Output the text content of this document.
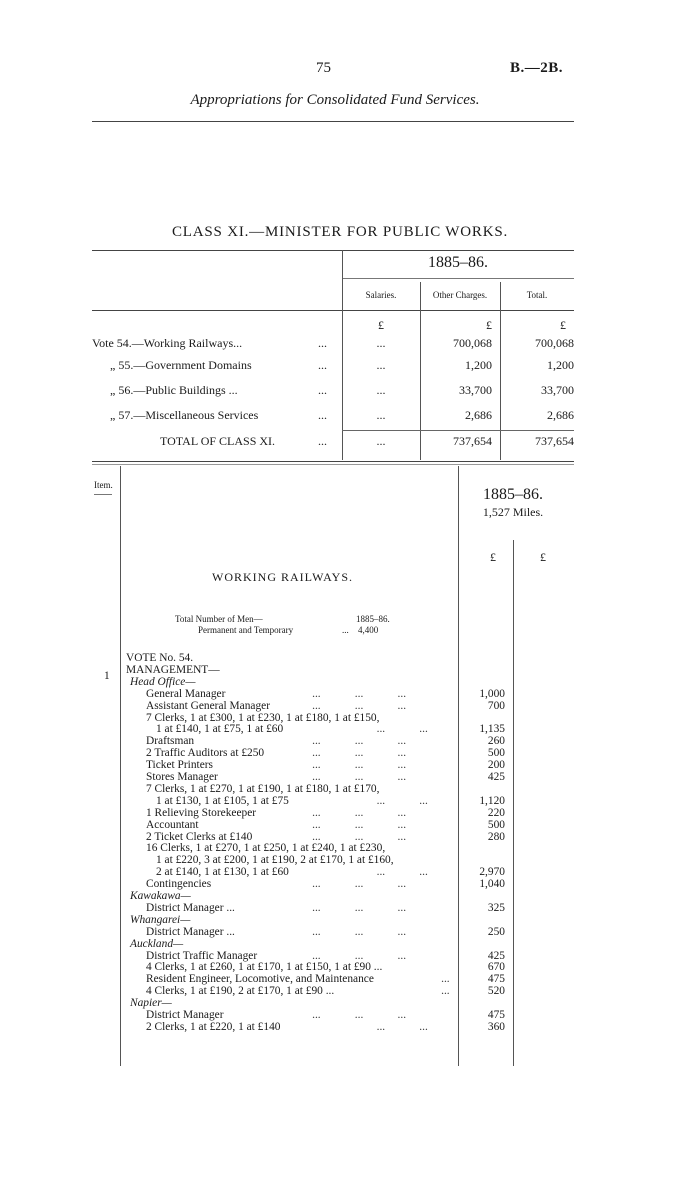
75	B.—2B.
Appropriations for Consolidated Fund Services.
CLASS XI.—MINISTER FOR PUBLIC WORKS.
1885–86.
Salaries.	Other Charges.	Total.
£	£	£
Vote 54.—Working Railways...	...	...	700,068	700,068
„ 55.—Government Domains	...	...	1,200	1,200
„ 56.—Public Buildings ...	...	...	33,700	33,700
„ 57.—Miscellaneous Services	...	...	2,686	2,686
TOTAL OF CLASS XI.	...	...	737,654	737,654
Item.
1885–86.
1,527 Miles.
£	£
WORKING RAILWAYS.
Total Number of Men—
Permanent and Temporary	...
1885–86.
4,400
1
VOTE No. 54.
MANAGEMENT—
Head Office—
General Manager	...            ...            ...	1,000
Assistant General Manager	...            ...            ...	700
7 Clerks, 1 at £300, 1 at £230, 1 at £180, 1 at £150,
1 at £140, 1 at £75, 1 at £60	...            ...	1,135
Draftsman	...            ...            ...	260
2 Traffic Auditors at £250	...            ...            ...	500
Ticket Printers	...            ...            ...	200
Stores Manager	...            ...            ...	425
7 Clerks, 1 at £270, 1 at £190, 1 at £180, 1 at £170,
1 at £130, 1 at £105, 1 at £75	...            ...	1,120
1 Relieving Storekeeper	...            ...            ...	220
Accountant	...            ...            ...	500
2 Ticket Clerks at £140	...            ...            ...	280
16 Clerks, 1 at £270, 1 at £250, 1 at £240, 1 at £230,
1 at £220, 3 at £200, 1 at £190, 2 at £170, 1 at £160,
2 at £140, 1 at £130, 1 at £60	...            ...	2,970
Contingencies	...            ...            ...	1,040
Kawakawa—
District Manager ...	...            ...            ...	325
Whangarei—
District Manager ...	...            ...            ...	250
Auckland—
District Traffic Manager	...            ...            ...	425
4 Clerks, 1 at £260, 1 at £170, 1 at £150, 1 at £90 ...	670
Resident Engineer, Locomotive, and Maintenance	...	475
4 Clerks, 1 at £190, 2 at £170, 1 at £90 ...	...	520
Napier—
District Manager	...            ...            ...	475
2 Clerks, 1 at £220, 1 at £140	...            ...	360
